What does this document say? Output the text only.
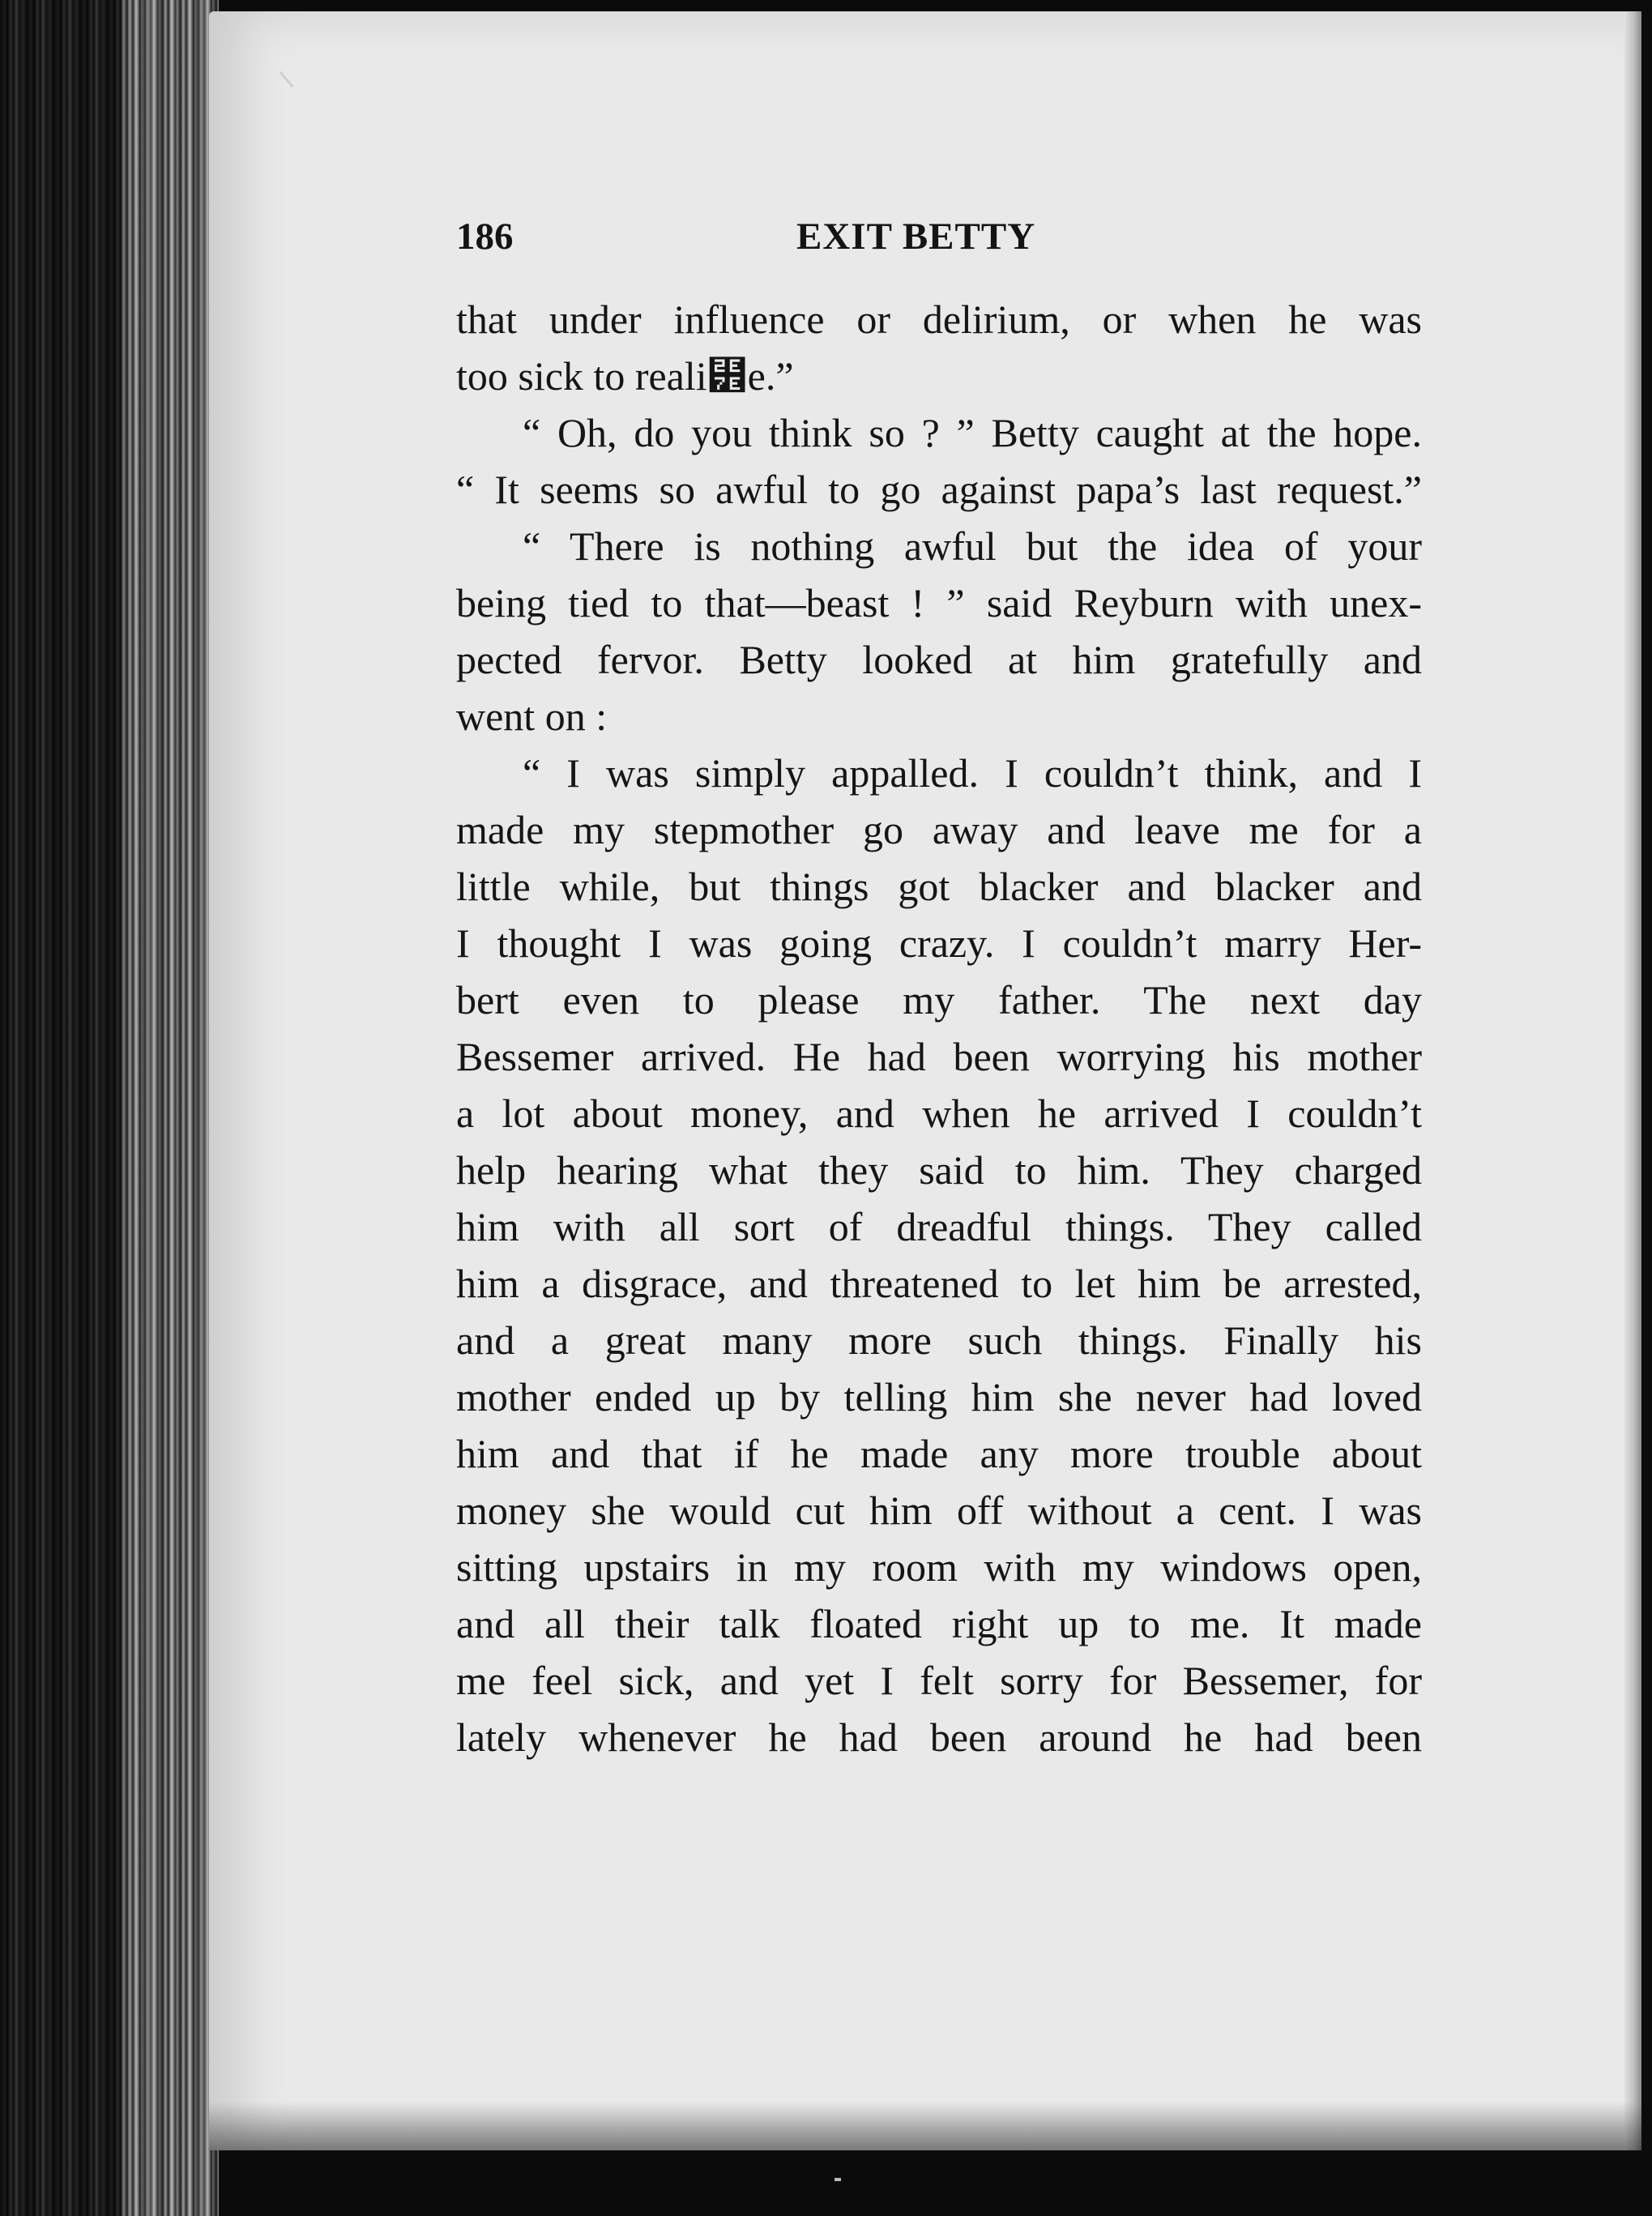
186	EXIT BETTY
that under influence or delirium, or when he was
too sick to reali⹾e.”
“ Oh, do you think so ? ” Betty caught at the hope.
“ It seems so awful to go against papa’s last request.”
“ There is nothing awful but the idea of your
being tied to that—beast ! ” said Reyburn with unex-
pected fervor. Betty looked at him gratefully and
went on :
“ I was simply appalled. I couldn’t think, and I
made my stepmother go away and leave me for a
little while, but things got blacker and blacker and
I thought I was going crazy. I couldn’t marry Her-
bert even to please my father. The next day
Bessemer arrived. He had been worrying his mother
a lot about money, and when he arrived I couldn’t
help hearing what they said to him. They charged
him with all sort of dreadful things. They called
him a disgrace, and threatened to let him be arrested,
and a great many more such things. Finally his
mother ended up by telling him she never had loved
him and that if he made any more trouble about
money she would cut him off without a cent. I was
sitting upstairs in my room with my windows open,
and all their talk floated right up to me. It made
me feel sick, and yet I felt sorry for Bessemer, for
lately whenever he had been around he had been
